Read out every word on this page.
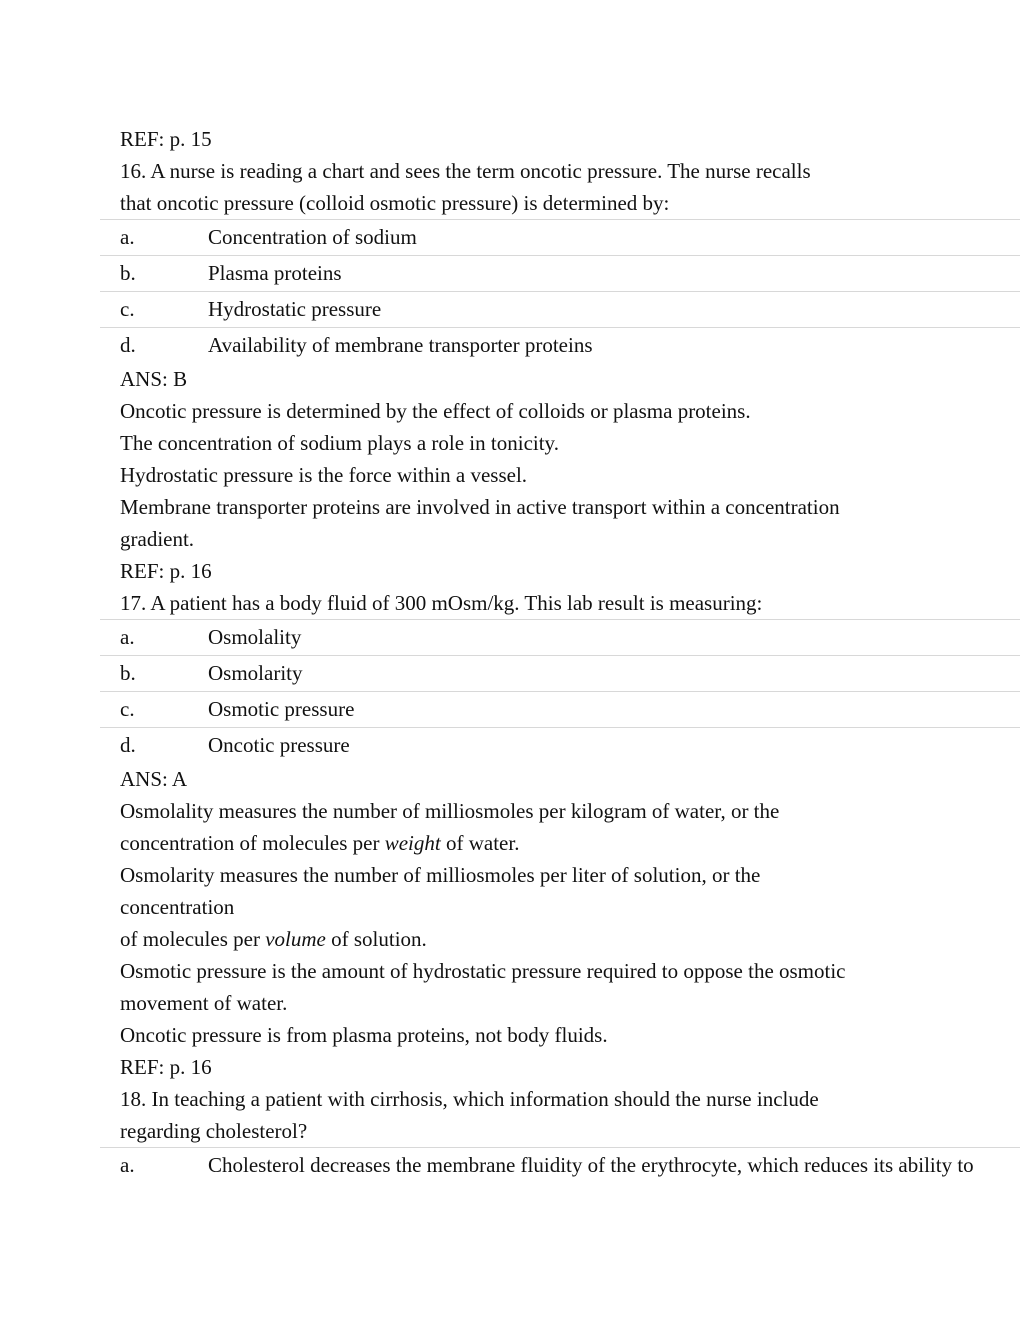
REF: p. 15
16. A nurse is reading a chart and sees the term oncotic pressure. The nurse recalls
that oncotic pressure (colloid osmotic pressure) is determined by:
a.	Concentration of sodium
b.	Plasma proteins
c.	Hydrostatic pressure
d.	Availability of membrane transporter proteins
ANS: B
Oncotic pressure is determined by the effect of colloids or plasma proteins.
The concentration of sodium plays a role in tonicity.
Hydrostatic pressure is the force within a vessel.
Membrane transporter proteins are involved in active transport within a concentration
gradient.
REF: p. 16
17. A patient has a body fluid of 300 mOsm/kg. This lab result is measuring:
a.	Osmolality
b.	Osmolarity
c.	Osmotic pressure
d.	Oncotic pressure
ANS: A
Osmolality measures the number of milliosmoles per kilogram of water, or the
concentration of molecules per weight of water.
Osmolarity measures the number of milliosmoles per liter of solution, or the
concentration
of molecules per volume of solution.
Osmotic pressure is the amount of hydrostatic pressure required to oppose the osmotic
movement of water.
Oncotic pressure is from plasma proteins, not body fluids.
REF: p. 16
18. In teaching a patient with cirrhosis, which information should the nurse include
regarding cholesterol?
a.	Cholesterol decreases the membrane fluidity of the erythrocyte, which reduces its ability to
